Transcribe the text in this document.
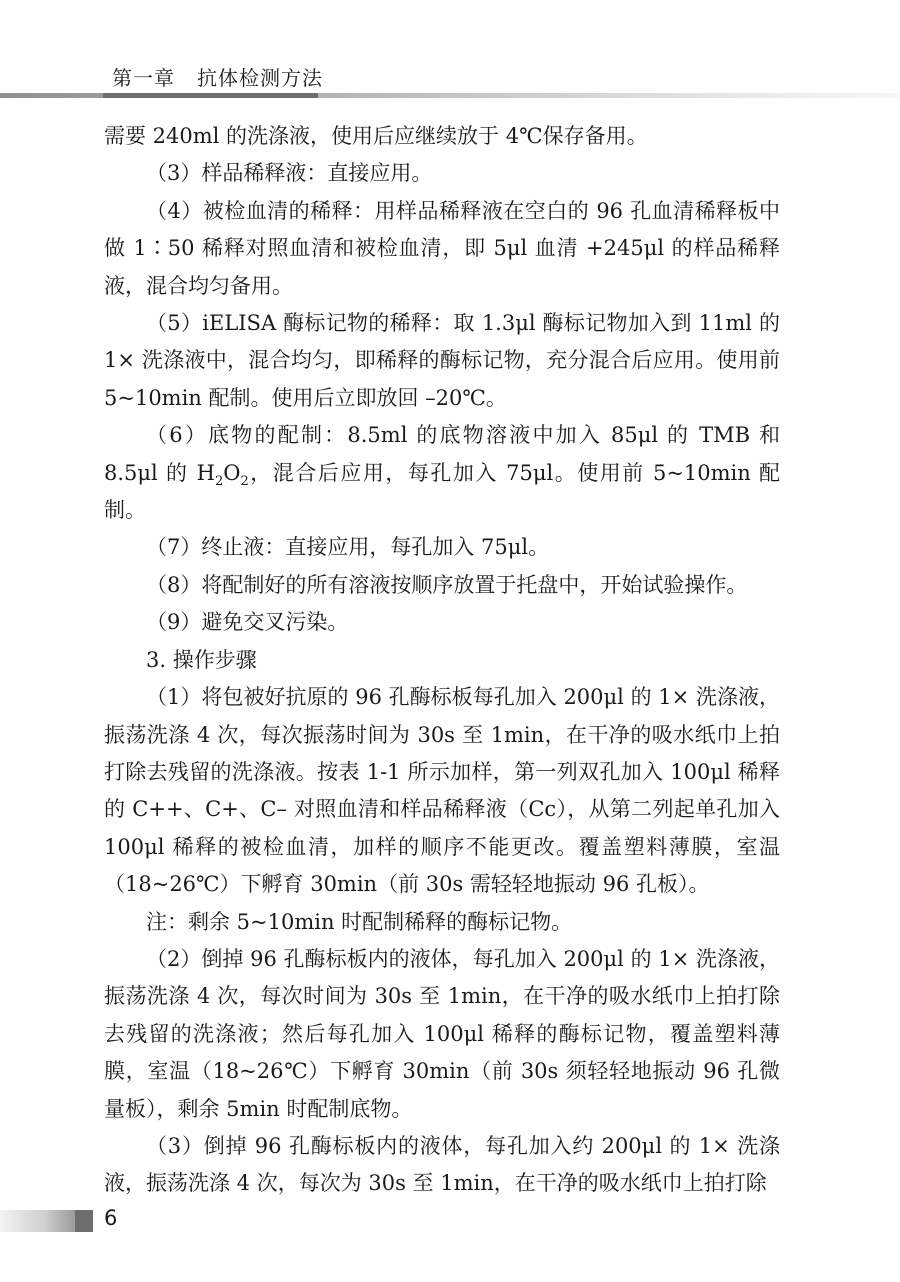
第一章 抗体检测方法

需要 240ml 的洗涤液，使用后应继续放于 4℃保存备用。

（3）样品稀释液：直接应用。

（4）被检血清的稀释：用样品稀释液在空白的 96 孔血清稀释板中做 1∶50 稀释对照血清和被检血清，即 5μl 血清 +245μl 的样品稀释液，混合均匀备用。

（5）iELISA 酶标记物的稀释：取 1.3μl 酶标记物加入到 11ml 的 1× 洗涤液中，混合均匀，即稀释的酶标记物，充分混合后应用。使用前 5~10min 配制。使用后立即放回 –20℃。

（6）底物的配制：8.5ml 的底物溶液中加入 85μl 的 TMB 和 8.5μl 的 $H_2O_2$，混合后应用，每孔加入 75μl。使用前 5~10min 配制。

（7）终止液：直接应用，每孔加入 75μl。

（8）将配制好的所有溶液按顺序放置于托盘中，开始试验操作。

（9）避免交叉污染。

3. 操作步骤

（1）将包被好抗原的 96 孔酶标板每孔加入 200μl 的 1× 洗涤液，振荡洗涤 4 次，每次振荡时间为 30s 至 1min，在干净的吸水纸巾上拍打除去残留的洗涤液。按表 1-1 所示加样，第一列双孔加入 100μl 稀释的 C++、C+、C– 对照血清和样品稀释液（Cc），从第二列起单孔加入 100μl 稀释的被检血清，加样的顺序不能更改。覆盖塑料薄膜，室温（18~26℃）下孵育 30min（前 30s 需轻轻地振动 96 孔板）。

注：剩余 5~10min 时配制稀释的酶标记物。

（2）倒掉 96 孔酶标板内的液体，每孔加入 200μl 的 1× 洗涤液，振荡洗涤 4 次，每次时间为 30s 至 1min，在干净的吸水纸巾上拍打除去残留的洗涤液；然后每孔加入 100μl 稀释的酶标记物，覆盖塑料薄膜，室温（18~26℃）下孵育 30min（前 30s 须轻轻地振动 96 孔微量板），剩余 5min 时配制底物。

（3）倒掉 96 孔酶标板内的液体，每孔加入约 200μl 的 1× 洗涤液，振荡洗涤 4 次，每次为 30s 至 1min，在干净的吸水纸巾上拍打除

6
